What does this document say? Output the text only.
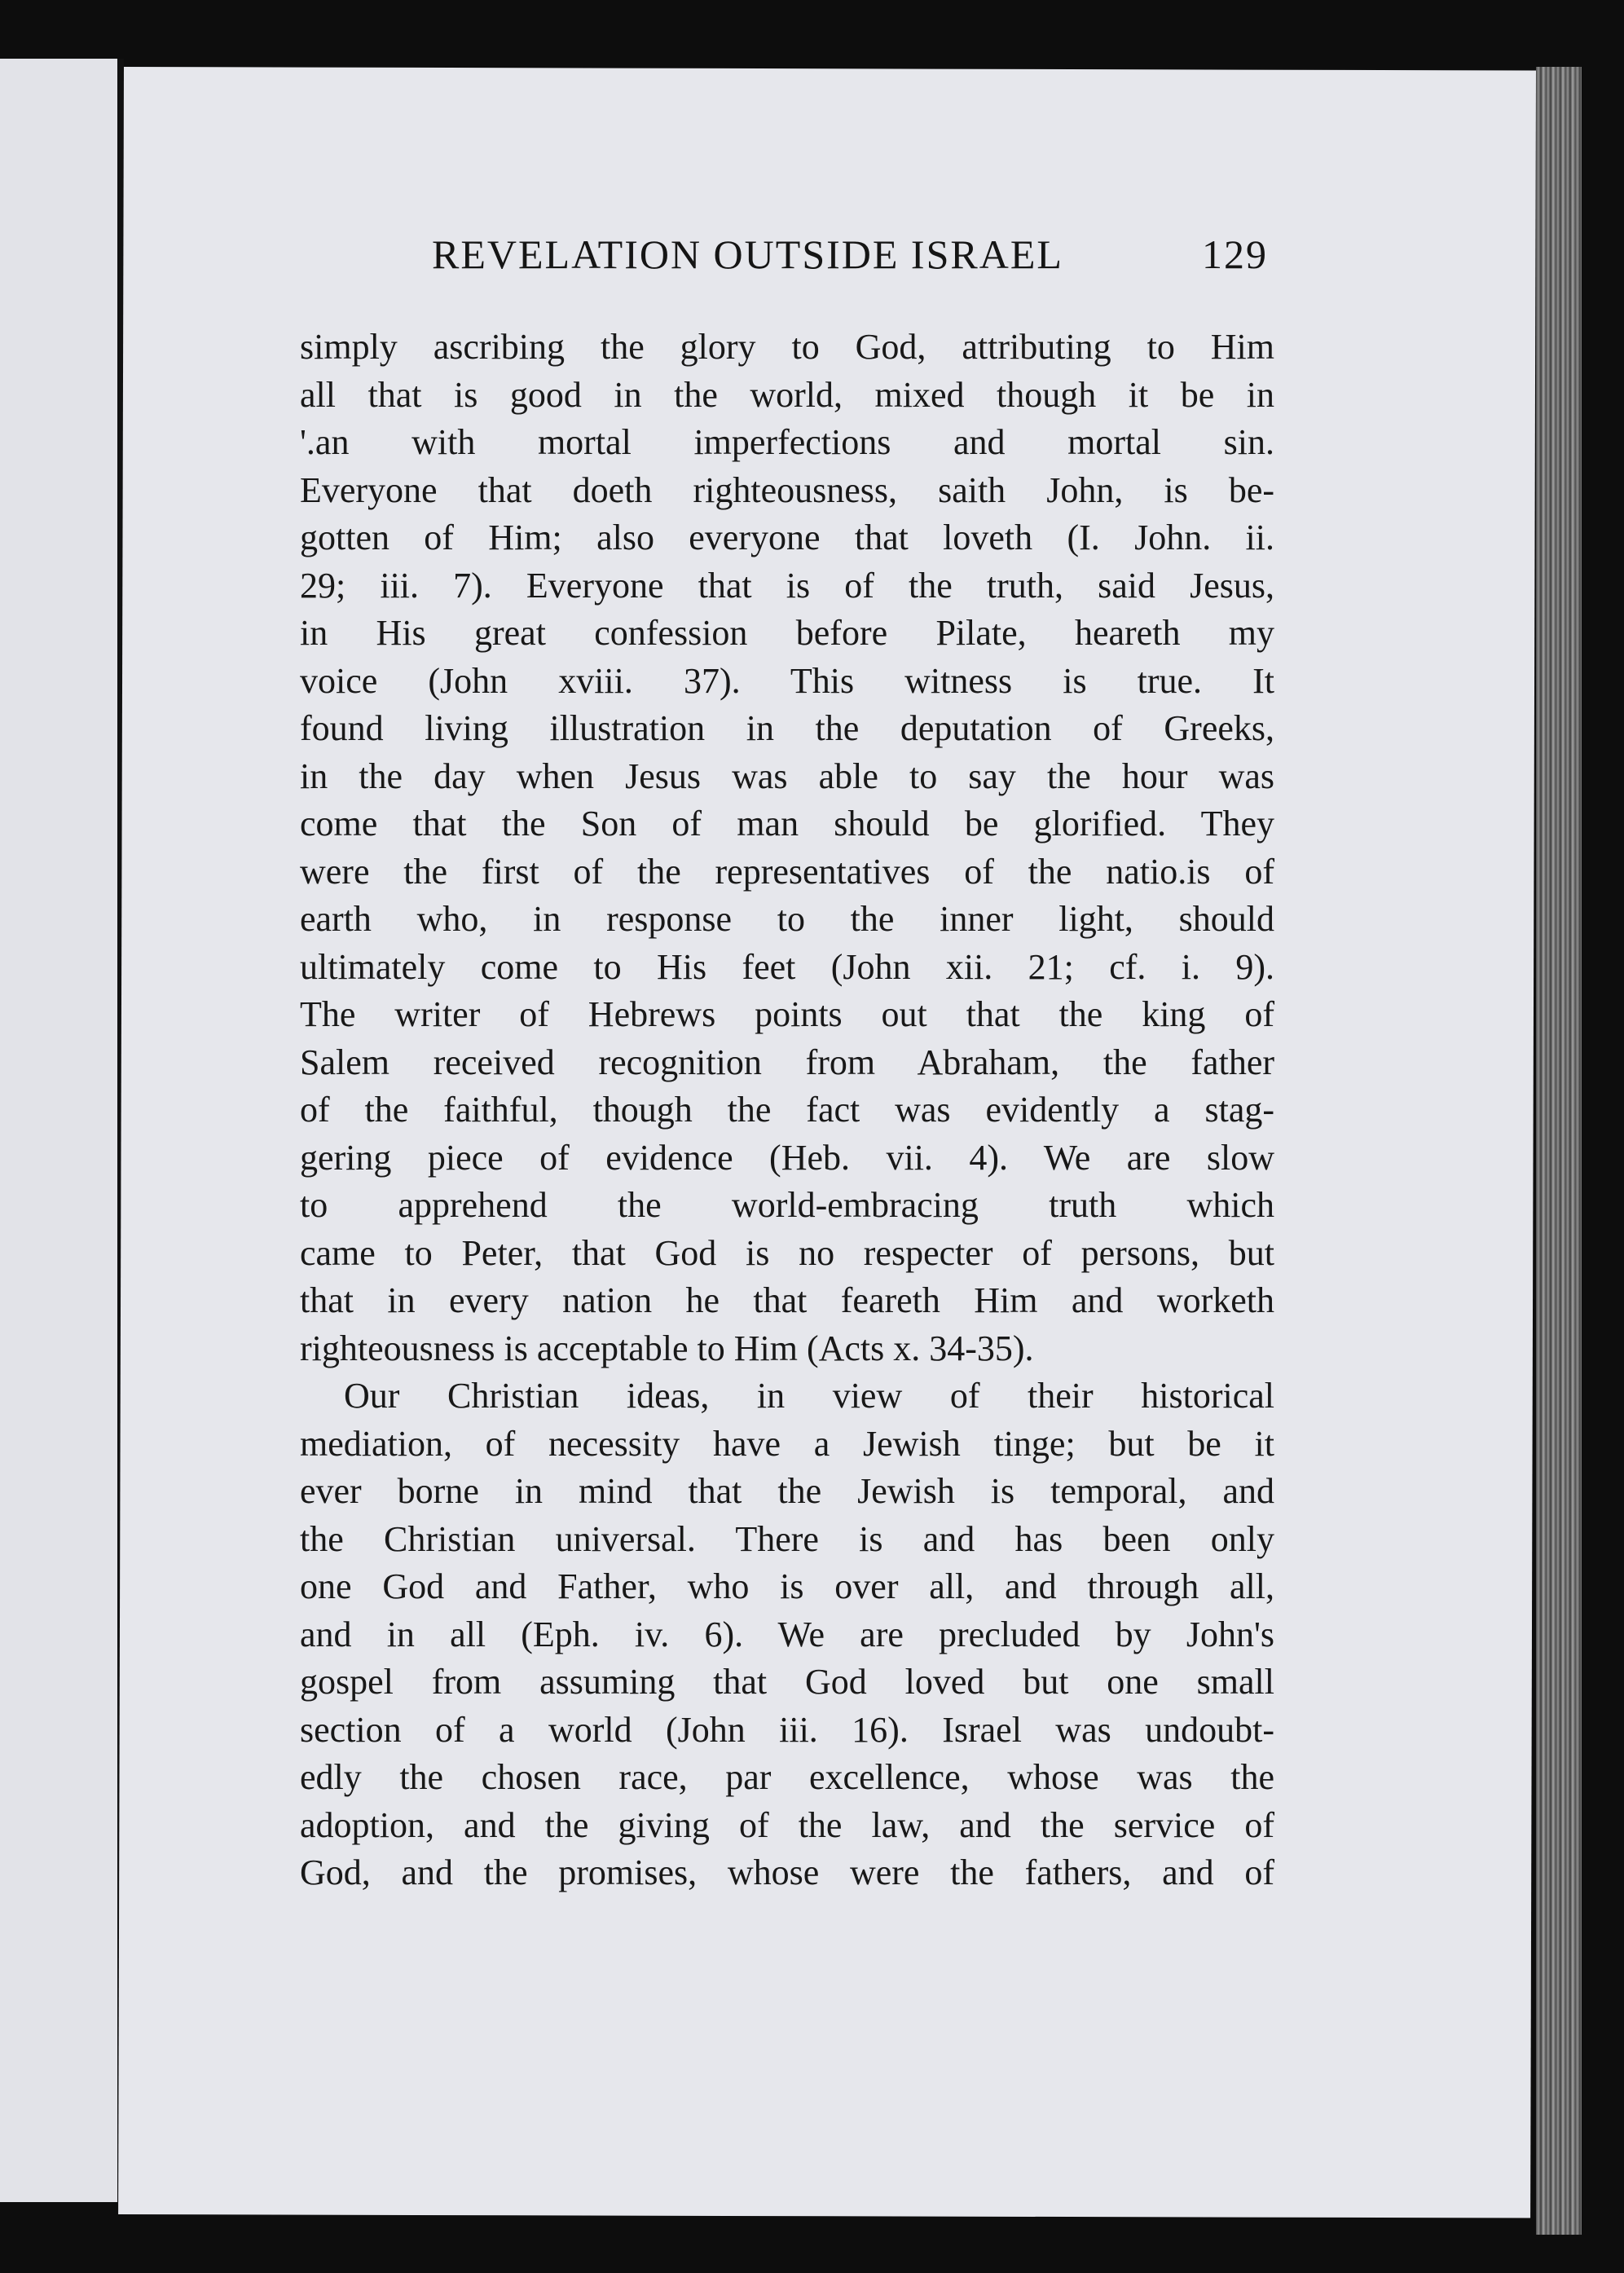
REVELATION OUTSIDE ISRAEL	129
simply ascribing the glory to God, attributing to Him
all that is good in the world, mixed though it be in
'.an with mortal imperfections and mortal sin.
Everyone that doeth righteousness, saith John, is be-
gotten of Him; also everyone that loveth (I. John. ii.
29; iii. 7). Everyone that is of the truth, said Jesus,
in His great confession before Pilate, heareth my
voice (John xviii. 37). This witness is true. It
found living illustration in the deputation of Greeks,
in the day when Jesus was able to say the hour was
come that the Son of man should be glorified. They
were the first of the representatives of the natio.is of
earth who, in response to the inner light, should
ultimately come to His feet (John xii. 21; cf. i. 9).
The writer of Hebrews points out that the king of
Salem received recognition from Abraham, the father
of the faithful, though the fact was evidently a stag-
gering piece of evidence (Heb. vii. 4). We are slow
to apprehend the world-embracing truth which
came to Peter, that God is no respecter of persons, but
that in every nation he that feareth Him and worketh
righteousness is acceptable to Him (Acts x. 34-35).
Our Christian ideas, in view of their historical
mediation, of necessity have a Jewish tinge; but be it
ever borne in mind that the Jewish is temporal, and
the Christian universal. There is and has been only
one God and Father, who is over all, and through all,
and in all (Eph. iv. 6). We are precluded by John's
gospel from assuming that God loved but one small
section of a world (John iii. 16). Israel was undoubt-
edly the chosen race, par excellence, whose was the
adoption, and the giving of the law, and the service of
God, and the promises, whose were the fathers, and of
